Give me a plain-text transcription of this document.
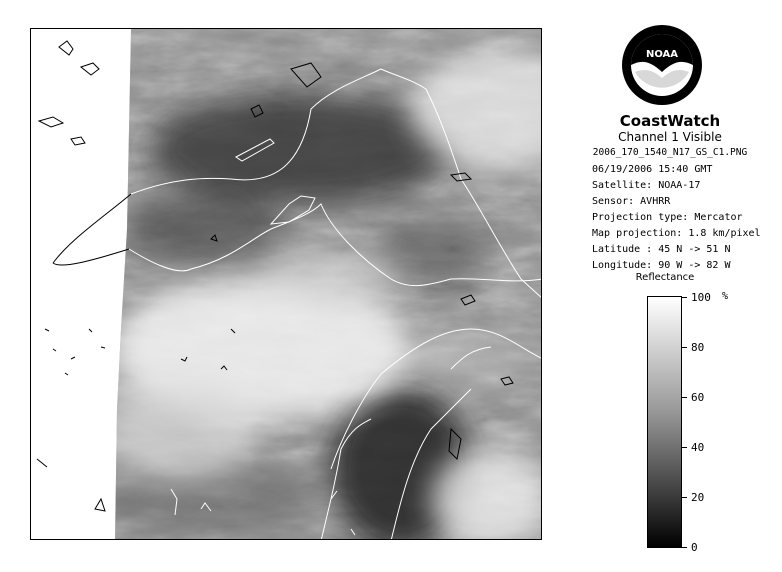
NOAA
CoastWatch
Channel 1 Visible
2006_170_1540_N17_GS_C1.PNG
06/19/2006 15:40 GMT
Satellite: NOAA-17
Sensor: AVHRR
Projection type: Mercator
Map projection: 1.8 km/pixel
Latitude : 45 N -> 51 N
Longitude: 90 W -> 82 W
Reflectance
%
100
80
60
40
20
0
